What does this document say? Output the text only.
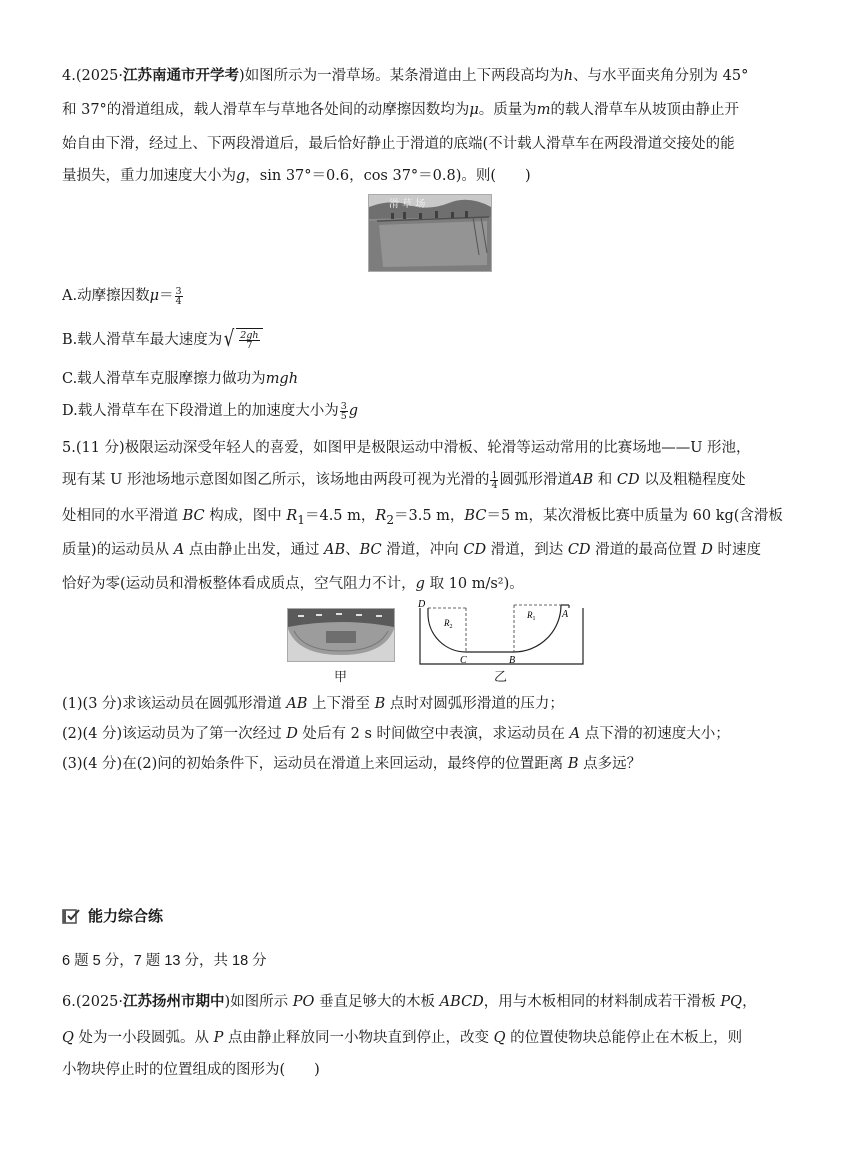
4.(2025·江苏南通市开学考)如图所示为一滑草场。某条滑道由上下两段高均为h、与水平面夹角分别为 45°
和 37°的滑道组成，载人滑草车与草地各处间的动摩擦因数均为μ。质量为m的载人滑草车从坡顶由静止开
始自由下滑，经过上、下两段滑道后，最后恰好静止于滑道的底端(不计载人滑草车在两段滑道交接处的能
量损失，重力加速度大小为g，sin 37°＝0.6，cos 37°＝0.8)。则(　　)
滑 草 场
A.动摩擦因数$\mu= \frac{3}{4}$
B.载人滑草车最大速度为 √ $\frac{2gh}{7}$
C.载人滑草车克服摩擦力做功为mgh
D.载人滑草车在下段滑道上的加速度大小为 $\frac{3}{5}$ g
5.(11 分)极限运动深受年轻人的喜爱，如图甲是极限运动中滑板、轮滑等运动常用的比赛场地——U 形池，
现有某 U 形池场地示意图如图乙所示，该场地由两段可视为光滑的 $\frac{1}{4}$ 圆弧形滑道AB 和 CD 以及粗糙程度处
处相同的水平滑道 BC 构成，图中 $R_1=4.5$ m，$R_2=3.5$ m，BC＝5 m，某次滑板比赛中质量为 60 kg(含滑板
质量)的运动员从 A 点由静止出发，通过 AB、BC 滑道，冲向 CD 滑道，到达 CD 滑道的最高位置 D 时速度
恰好为零(运动员和滑板整体看成质点，空气阻力不计，g 取 10 m/s²)。
甲
D
$R_2$
C	B
$R_1$	A
乙
(1)(3 分)求该运动员在圆弧形滑道 AB 上下滑至 B 点时对圆弧形滑道的压力；
(2)(4 分)该运动员为了第一次经过 D 处后有 2 s 时间做空中表演，求运动员在 A 点下滑的初速度大小；
(3)(4 分)在(2)问的初始条件下，运动员在滑道上来回运动，最终停的位置距离 B 点多远？
能力综合练
6 题 5 分，7 题 13 分，共 18 分
6.(2025·江苏扬州市期中)如图所示 PO 垂直足够大的木板 ABCD，用与木板相同的材料制成若干滑板 PQ，
Q 处为一小段圆弧。从 P 点由静止释放同一小物块直到停止，改变 Q 的位置使物块总能停止在木板上，则
小物块停止时的位置组成的图形为(　　)
